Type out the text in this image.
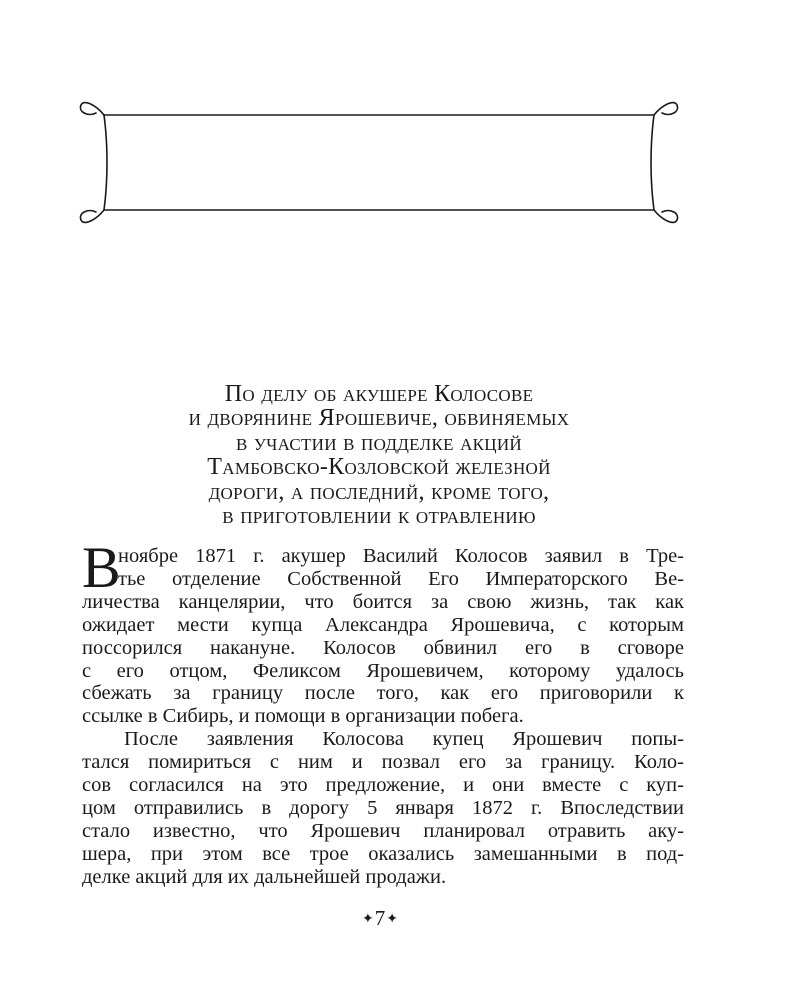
По делу об акушере Колосове
и дворянине Ярошевиче, обвиняемых
в участии в подделке акций
Тамбовско-Козловской железной
дороги, а последний, кроме того,
в приготовлении к отравлению

В
ноябре 1871 г. акушер Василий Колосов заявил в Тре-
тье отделение Собственной Его Императорского Ве-
личества канцелярии, что боится за свою жизнь, так как
ожидает мести купца Александра Ярошевича, с которым
поссорился накануне. Колосов обвинил его в сговоре
с его отцом, Феликсом Ярошевичем, которому удалось
сбежать за границу после того, как его приговорили к
ссылке в Сибирь, и помощи в организации побега.

После заявления Колосова купец Ярошевич попы-
тался помириться с ним и позвал его за границу. Коло-
сов согласился на это предложение, и они вместе с куп-
цом отправились в дорогу 5 января 1872 г. Впоследствии
стало известно, что Ярошевич планировал отравить аку-
шера, при этом все трое оказались замешанными в под-
делке акций для их дальнейшей продажи.

✦7✦
